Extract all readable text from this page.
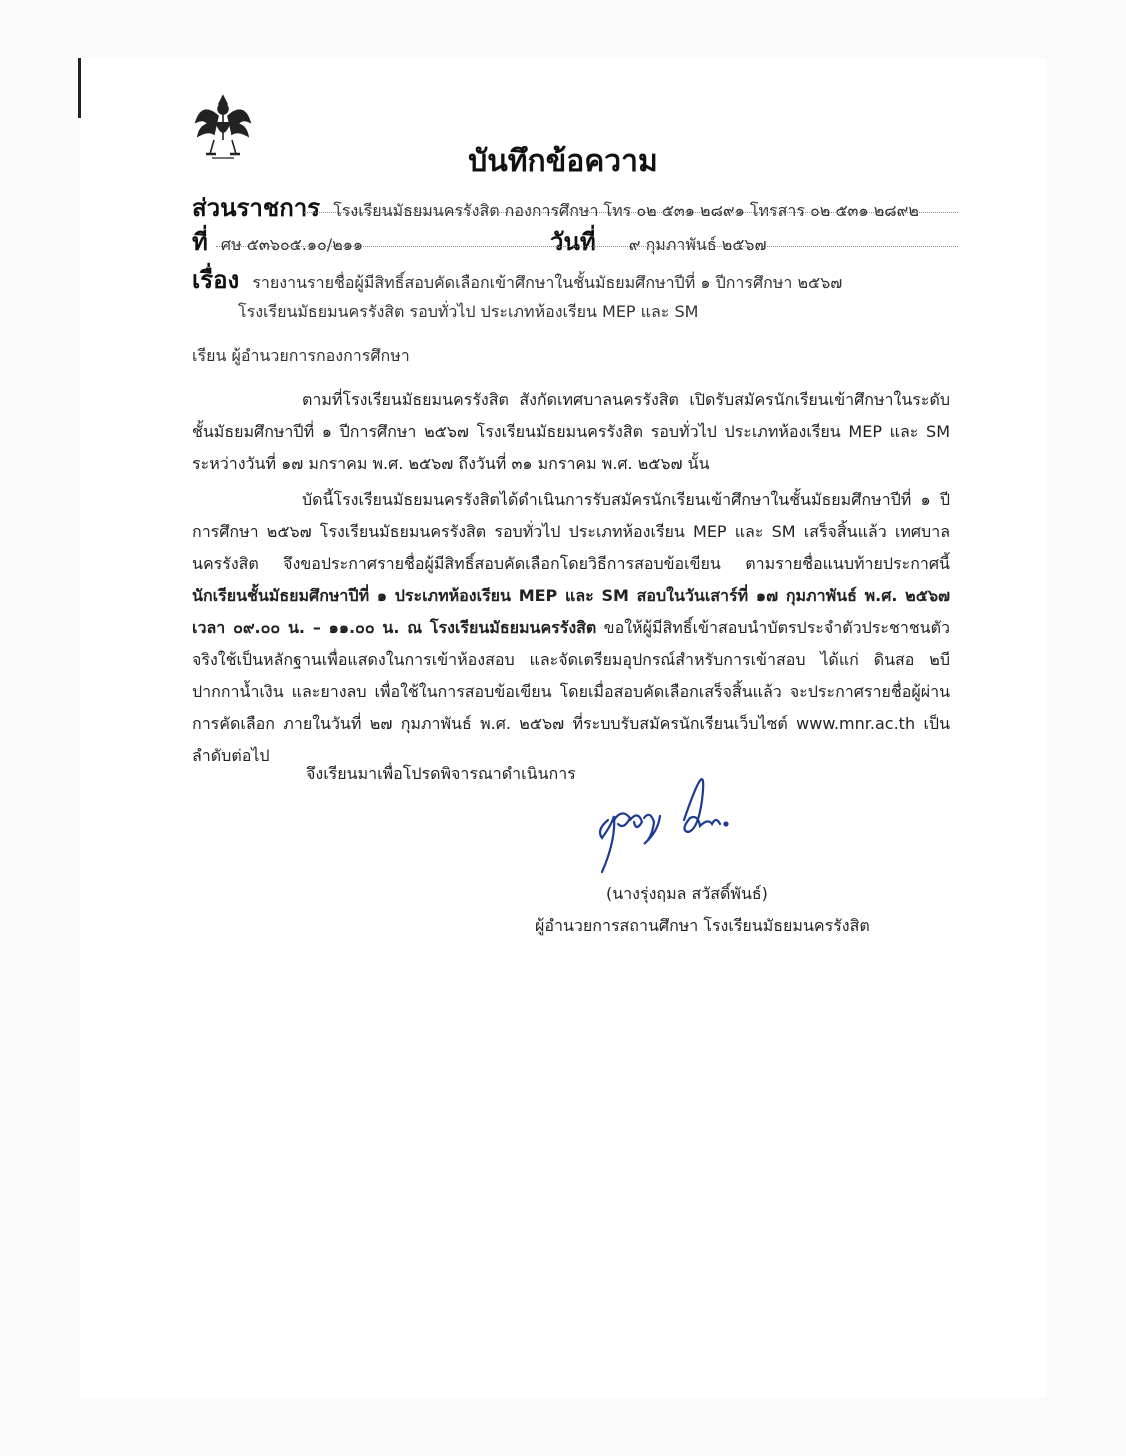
บันทึกข้อความ
ส่วนราชการ โรงเรียนมัธยมนครรังสิต กองการศึกษา โทร ๐๒ ๕๓๑ ๒๘๙๑ โทรสาร ๐๒ ๕๓๑ ๒๘๙๒
ที่ ศษ ๕๓๖๐๕.๑๐/๒๑๑	วันที่ ๙ กุมภาพันธ์ ๒๕๖๗
เรื่อง รายงานรายชื่อผู้มีสิทธิ์สอบคัดเลือกเข้าศึกษาในชั้นมัธยมศึกษาปีที่ ๑ ปีการศึกษา ๒๕๖๗
โรงเรียนมัธยมนครรังสิต รอบทั่วไป ประเภทห้องเรียน MEP และ SM
เรียน ผู้อำนวยการกองการศึกษา
ตามที่โรงเรียนมัธยมนครรังสิต สังกัดเทศบาลนครรังสิต เปิดรับสมัครนักเรียนเข้าศึกษาในระดับชั้นมัธยมศึกษาปีที่ ๑ ปีการศึกษา ๒๕๖๗ โรงเรียนมัธยมนครรังสิต รอบทั่วไป ประเภทห้องเรียน MEP และ SM ระหว่างวันที่ ๑๗ มกราคม พ.ศ. ๒๕๖๗ ถึงวันที่ ๓๑ มกราคม พ.ศ. ๒๕๖๗ นั้น
บัดนี้โรงเรียนมัธยมนครรังสิตได้ดำเนินการรับสมัครนักเรียนเข้าศึกษาในชั้นมัธยมศึกษาปีที่ ๑ ปีการศึกษา ๒๕๖๗ โรงเรียนมัธยมนครรังสิต รอบทั่วไป ประเภทห้องเรียน MEP และ SM เสร็จสิ้นแล้ว เทศบาลนครรังสิต จึงขอประกาศรายชื่อผู้มีสิทธิ์สอบคัดเลือกโดยวิธีการสอบข้อเขียน ตามรายชื่อแนบท้ายประกาศนี้ นักเรียนชั้นมัธยมศึกษาปีที่ ๑ ประเภทห้องเรียน MEP และ SM สอบในวันเสาร์ที่ ๑๗ กุมภาพันธ์ พ.ศ. ๒๕๖๗ เวลา ๐๙.๐๐ น. – ๑๑.๐๐ น. ณ โรงเรียนมัธยมนครรังสิต ขอให้ผู้มีสิทธิ์เข้าสอบนำบัตรประจำตัวประชาชนตัวจริงใช้เป็นหลักฐานเพื่อแสดงในการเข้าห้องสอบ และจัดเตรียมอุปกรณ์สำหรับการเข้าสอบ ได้แก่ ดินสอ ๒บี ปากกาน้ำเงิน และยางลบ เพื่อใช้ในการสอบข้อเขียน โดยเมื่อสอบคัดเลือกเสร็จสิ้นแล้ว จะประกาศรายชื่อผู้ผ่านการคัดเลือก ภายในวันที่ ๒๗ กุมภาพันธ์ พ.ศ. ๒๕๖๗ ที่ระบบรับสมัครนักเรียนเว็บไซต์ www.mnr.ac.th เป็นลำดับต่อไป
จึงเรียนมาเพื่อโปรดพิจารณาดำเนินการ
(นางรุ่งฤมล สวัสดิ์พันธ์)
ผู้อำนวยการสถานศึกษา โรงเรียนมัธยมนครรังสิต
